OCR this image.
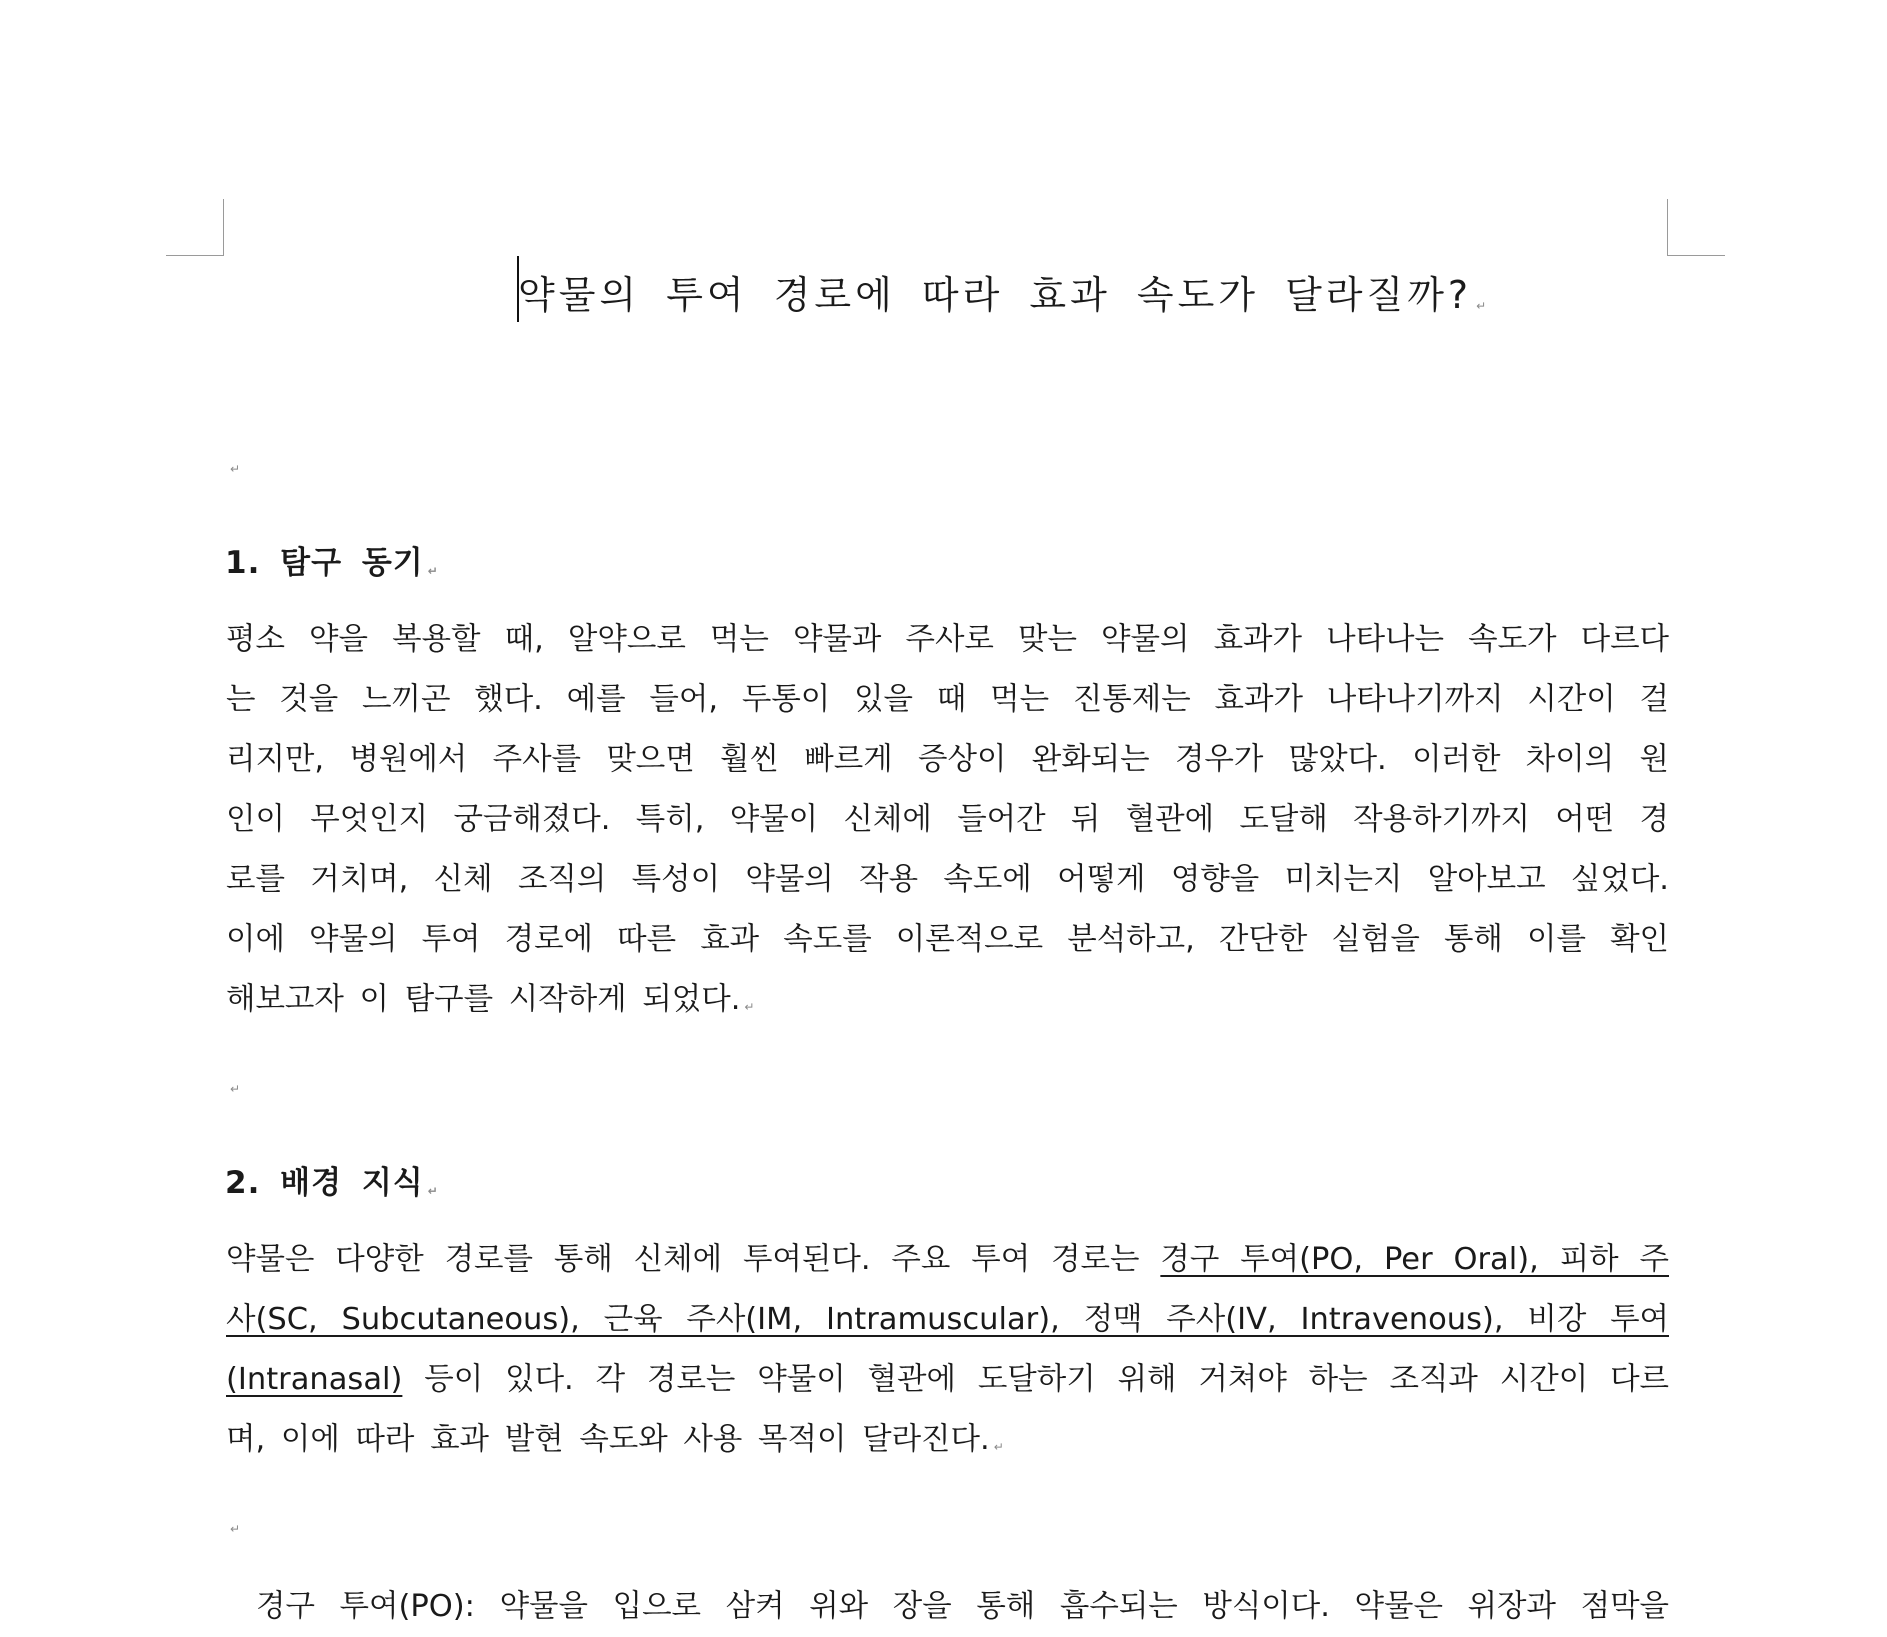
약물의 투여 경로에 따라 효과 속도가 달라질까? ↵
↵
1. 탐구 동기 ↵
평소 약을 복용할 때, 알약으로 먹는 약물과 주사로 맞는 약물의 효과가 나타나는 속도가 다르다
는 것을 느끼곤 했다. 예를 들어, 두통이 있을 때 먹는 진통제는 효과가 나타나기까지 시간이 걸
리지만, 병원에서 주사를 맞으면 훨씬 빠르게 증상이 완화되는 경우가 많았다. 이러한 차이의 원
인이 무엇인지 궁금해졌다. 특히, 약물이 신체에 들어간 뒤 혈관에 도달해 작용하기까지 어떤 경
로를 거치며, 신체 조직의 특성이 약물의 작용 속도에 어떻게 영향을 미치는지 알아보고 싶었다.
이에 약물의 투여 경로에 따른 효과 속도를 이론적으로 분석하고, 간단한 실험을 통해 이를 확인
해보고자 이 탐구를 시작하게 되었다. ↵
↵
2. 배경 지식 ↵
약물은 다양한 경로를 통해 신체에 투여된다. 주요 투여 경로는 경구 투여(PO, Per Oral), 피하 주
사(SC, Subcutaneous), 근육 주사(IM, Intramuscular), 정맥 주사(IV, Intravenous), 비강 투여
(Intranasal) 등이 있다. 각 경로는 약물이 혈관에 도달하기 위해 거쳐야 하는 조직과 시간이 다르
며, 이에 따라 효과 발현 속도와 사용 목적이 달라진다. ↵
↵
경구 투여(PO): 약물을 입으로 삼켜 위와 장을 통해 흡수되는 방식이다. 약물은 위장과 점막을
